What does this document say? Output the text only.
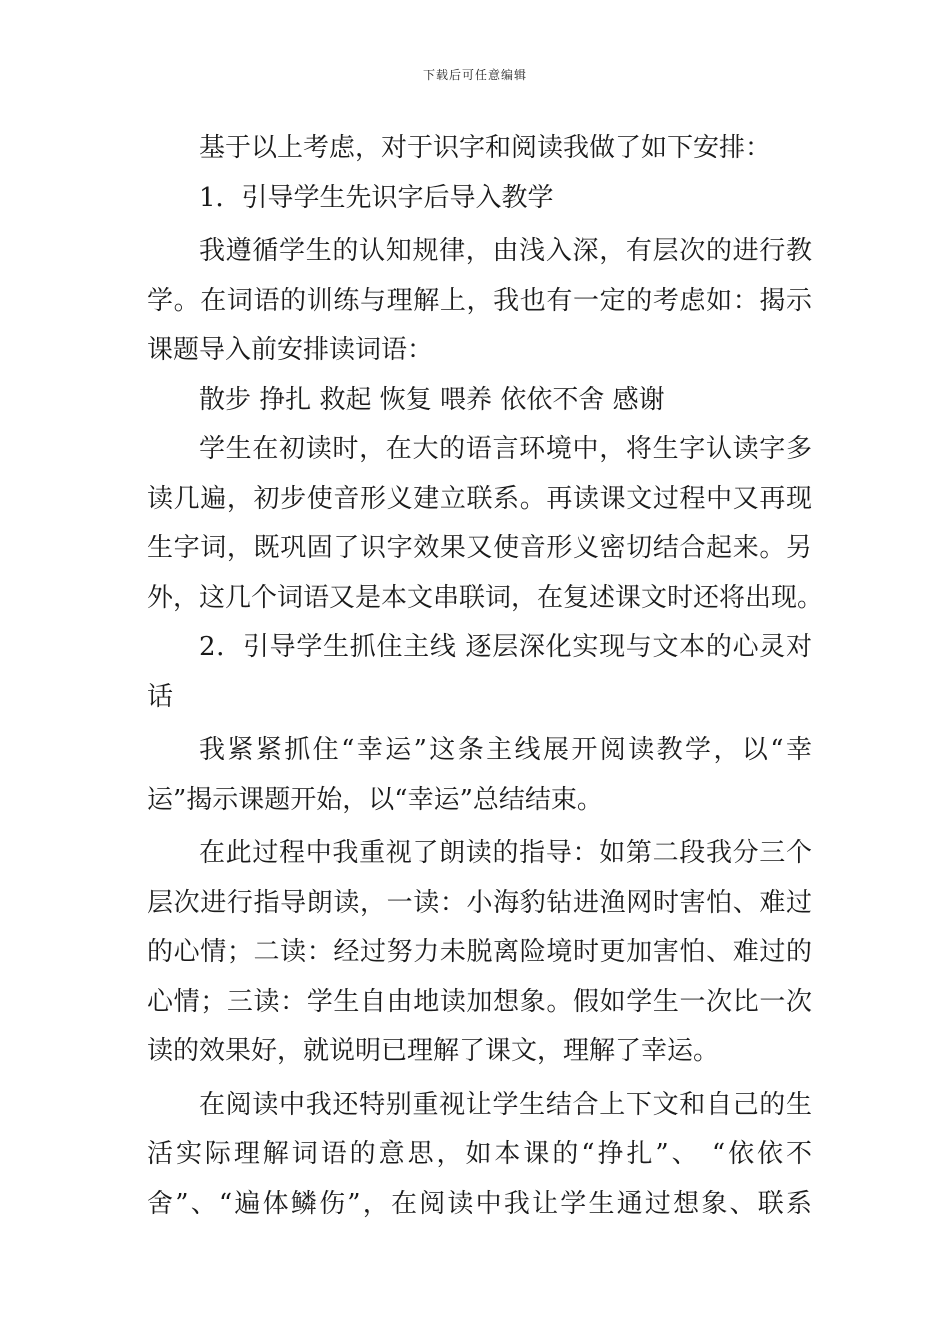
下载后可任意编辑
基于以上考虑，对于识字和阅读我做了如下安排：
1．引导学生先识字后导入教学
我遵循学生的认知规律，由浅入深，有层次的进行教
学。在词语的训练与理解上，我也有一定的考虑如：揭示
课题导入前安排读词语：
散步 挣扎 救起 恢复 喂养 依依不舍 感谢
学生在初读时，在大的语言环境中，将生字认读字多
读几遍，初步使音形义建立联系。再读课文过程中又再现
生字词，既巩固了识字效果又使音形义密切结合起来。另
外，这几个词语又是本文串联词，在复述课文时还将出现。
2．引导学生抓住主线 逐层深化实现与文本的心灵对
话
我紧紧抓住“幸运”这条主线展开阅读教学，以“幸
运”揭示课题开始，以“幸运”总结结束。
在此过程中我重视了朗读的指导：如第二段我分三个
层次进行指导朗读，一读：小海豹钻进渔网时害怕、难过
的心情；二读：经过努力未脱离险境时更加害怕、难过的
心情；三读：学生自由地读加想象。假如学生一次比一次
读的效果好，就说明已理解了课文，理解了幸运。
在阅读中我还特别重视让学生结合上下文和自己的生
活实际理解词语的意思，如本课的“挣扎”、 “依依不
舍”、“遍体鳞伤”，在阅读中我让学生通过想象、联系
